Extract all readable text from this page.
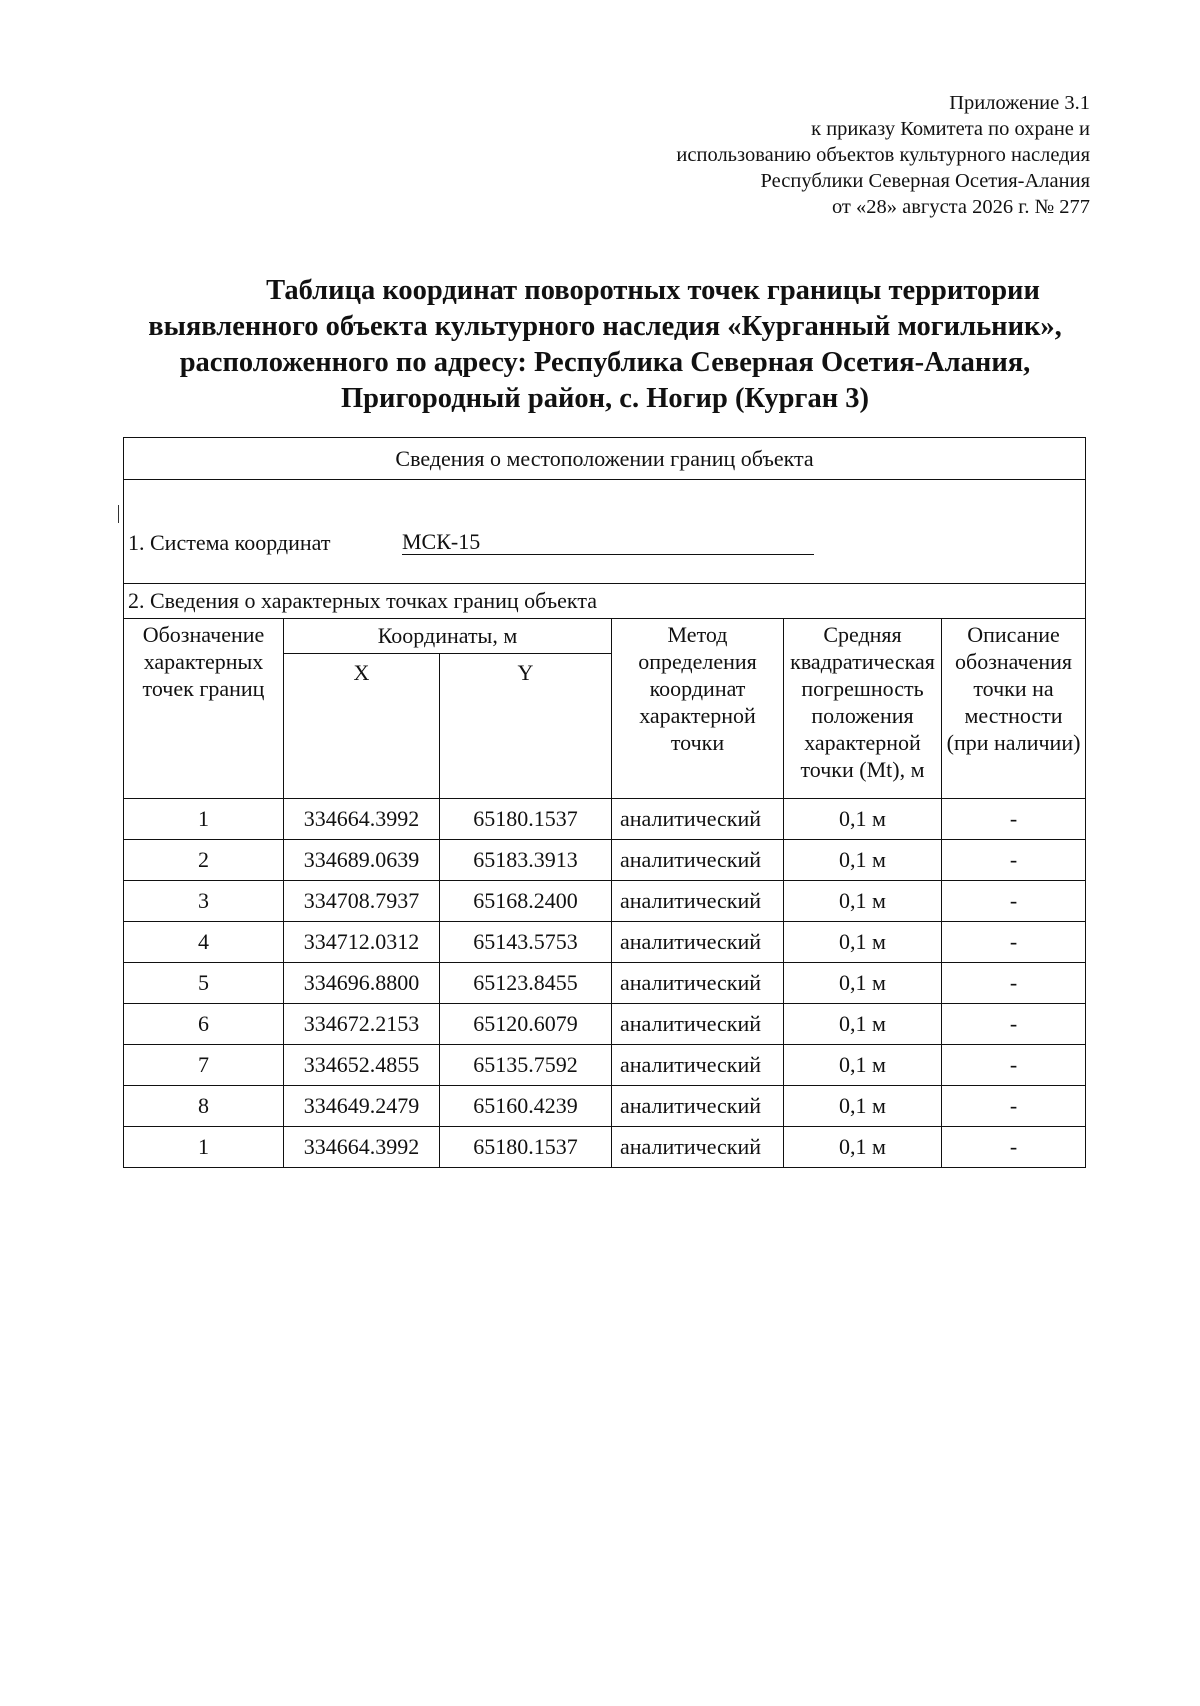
Приложение 3.1
к приказу Комитета по охране и
использованию объектов культурного наследия
Республики Северная Осетия-Алания
от «28» августа 2026 г. № 277
Таблица координат поворотных точек границы территории
выявленного объекта культурного наследия «Курганный могильник»,
расположенного по адресу: Республика Северная Осетия-Алания,
Пригородный район, с. Ногир (Курган 3)
Сведения о местоположении границ объекта					

1. Система координат МСК-15					

2. Сведения о характерных точках границ объекта					
Обозначение характерных точек границ	Координаты, м		Метод определения координат характерной точки	Средняя квадратическая погрешность положения характерной точки (Mt), м	Описание обозначения точки на местности (при наличии)
	X	Y			
1	334664.3992	65180.1537	аналитический	0,1 м	-
2	334689.0639	65183.3913	аналитический	0,1 м	-
3	334708.7937	65168.2400	аналитический	0,1 м	-
4	334712.0312	65143.5753	аналитический	0,1 м	-
5	334696.8800	65123.8455	аналитический	0,1 м	-
6	334672.2153	65120.6079	аналитический	0,1 м	-
7	334652.4855	65135.7592	аналитический	0,1 м	-
8	334649.2479	65160.4239	аналитический	0,1 м	-
1	334664.3992	65180.1537	аналитический	0,1 м	-
